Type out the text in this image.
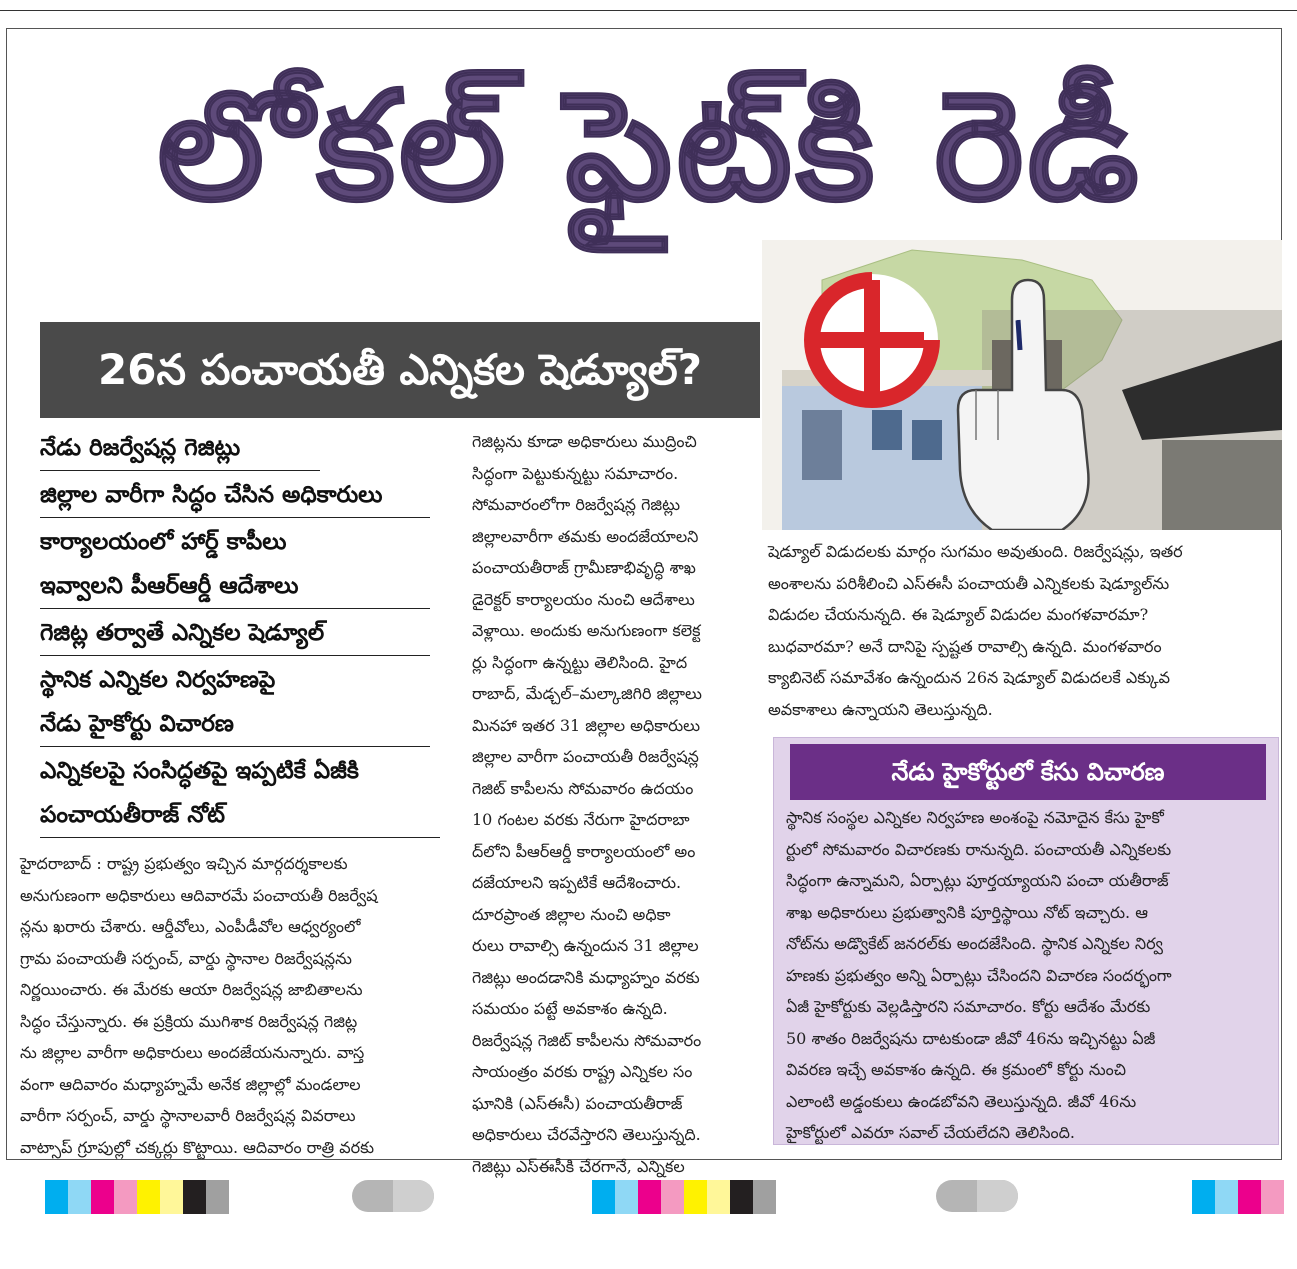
లోకల్ ఫైట్‌కి రెడీ
26న పంచాయతీ ఎన్నికల షెడ్యూల్?
నేడు రిజర్వేషన్ల గెజిట్లు
జిల్లాల వారీగా సిద్ధం చేసిన అధికారులు
కార్యాలయంలో హార్డ్ కాపీలు
ఇవ్వాలని పీఆర్‌ఆర్డీ ఆదేశాలు
గెజిట్ల తర్వాతే ఎన్నికల షెడ్యూల్
స్థానిక ఎన్నికల నిర్వహణపై
నేడు హైకోర్టు విచారణ
ఎన్నికలపై సంసిద్ధతపై ఇప్పటికే ఏజీకి
పంచాయతీరాజ్ నోట్
హైదరాబాద్ : రాష్ట్ర ప్రభుత్వం ఇచ్చిన మార్గదర్శకాలకు
అనుగుణంగా అధికారులు ఆదివారమే పంచాయతీ రిజర్వేష
న్లను ఖరారు చేశారు. ఆర్డీవోలు, ఎంపీడీవోల ఆధ్వర్యంలో
గ్రామ పంచాయతీ సర్పంచ్, వార్డు స్థానాల రిజర్వేషన్లను
నిర్ణయించారు. ఈ మేరకు ఆయా రిజర్వేషన్ల జాబితాలను
సిద్ధం చేస్తున్నారు. ఈ ప్రక్రియ ముగిశాక రిజర్వేషన్ల గెజిట్ల
ను జిల్లాల వారీగా అధికారులు అందజేయనున్నారు. వాస్త
వంగా ఆదివారం మధ్యాహ్నమే అనేక జిల్లాల్లో మండలాల
వారీగా సర్పంచ్, వార్డు స్థానాలవారీ రిజర్వేషన్ల వివరాలు
వాట్సాప్ గ్రూపుల్లో చక్కర్లు కొట్టాయి. ఆదివారం రాత్రి వరకు
గెజిట్లను కూడా అధికారులు ముద్రించి
సిద్ధంగా పెట్టుకున్నట్టు సమాచారం.
సోమవారంలోగా రిజర్వేషన్ల గెజిట్లు
జిల్లాలవారీగా తమకు అందజేయాలని
పంచాయతీరాజ్ గ్రామీణాభివృద్ధి శాఖ
డైరెక్టర్ కార్యాలయం నుంచి ఆదేశాలు
వెళ్లాయి. అందుకు అనుగుణంగా కలెక్ట
ర్లు సిద్ధంగా ఉన్నట్టు తెలిసింది. హైద
రాబాద్, మేడ్చల్–మల్కాజిగిరి జిల్లాలు
మినహా ఇతర 31 జిల్లాల అధికారులు
జిల్లాల వారీగా పంచాయతీ రిజర్వేషన్ల
గెజిట్ కాపీలను సోమవారం ఉదయం
10 గంటల వరకు నేరుగా హైదరాబా
ద్‌లోని పీఆర్‌ఆర్డీ కార్యాలయంలో అం
దజేయాలని ఇప్పటికే ఆదేశించారు.
దూరప్రాంత జిల్లాల నుంచి అధికా
రులు రావాల్సి ఉన్నందున 31 జిల్లాల
గెజిట్లు అందడానికి మధ్యాహ్నం వరకు
సమయం పట్టే అవకాశం ఉన్నది.
రిజర్వేషన్ల గెజిట్ కాపీలను సోమవారం
సాయంత్రం వరకు రాష్ట్ర ఎన్నికల సం
ఘానికి (ఎస్‌ఈసీ) పంచాయతీరాజ్
అధికారులు చేరవేస్తారని తెలుస్తున్నది.
గెజిట్లు ఎస్‌ఈసీకి చేరగానే, ఎన్నికల
షెడ్యూల్ విడుదలకు మార్గం సుగమం అవుతుంది. రిజర్వేషన్లు, ఇతర
అంశాలను పరిశీలించి ఎస్‌ఈసీ పంచాయతీ ఎన్నికలకు షెడ్యూల్‌ను
విడుదల చేయనున్నది. ఈ షెడ్యూల్ విడుదల మంగళవారమా?
బుధవారమా? అనే దానిపై స్పష్టత రావాల్సి ఉన్నది. మంగళవారం
క్యాబినెట్ సమావేశం ఉన్నందున 26న షెడ్యూల్ విడుదలకే ఎక్కువ
అవకాశాలు ఉన్నాయని తెలుస్తున్నది.
నేడు హైకోర్టులో కేసు విచారణ
స్థానిక సంస్థల ఎన్నికల నిర్వహణ అంశంపై నమోదైన కేసు హైకో
ర్టులో సోమవారం విచారణకు రానున్నది. పంచాయతీ ఎన్నికలకు
సిద్ధంగా ఉన్నామని, ఏర్పాట్లు పూర్తయ్యాయని పంచా యతీరాజ్
శాఖ అధికారులు ప్రభుత్వానికి పూర్తిస్థాయి నోట్ ఇచ్చారు. ఆ
నోట్‌ను అడ్వొకేట్ జనరల్‌కు అందజేసింది. స్థానిక ఎన్నికల నిర్వ
హణకు ప్రభుత్వం అన్ని ఏర్పాట్లు చేసిందని విచారణ సందర్భంగా
ఏజీ హైకోర్టుకు వెల్లడిస్తారని సమాచారం. కోర్టు ఆదేశం మేరకు
50 శాతం రిజర్వేషను దాటకుండా జీవో 46ను ఇచ్చినట్టు ఏజీ
వివరణ ఇచ్చే అవకాశం ఉన్నది. ఈ క్రమంలో కోర్టు నుంచి
ఎలాంటి అడ్డంకులు ఉండబోవని తెలుస్తున్నది. జీవో 46ను
హైకోర్టులో ఎవరూ సవాల్ చేయలేదని తెలిసింది.
